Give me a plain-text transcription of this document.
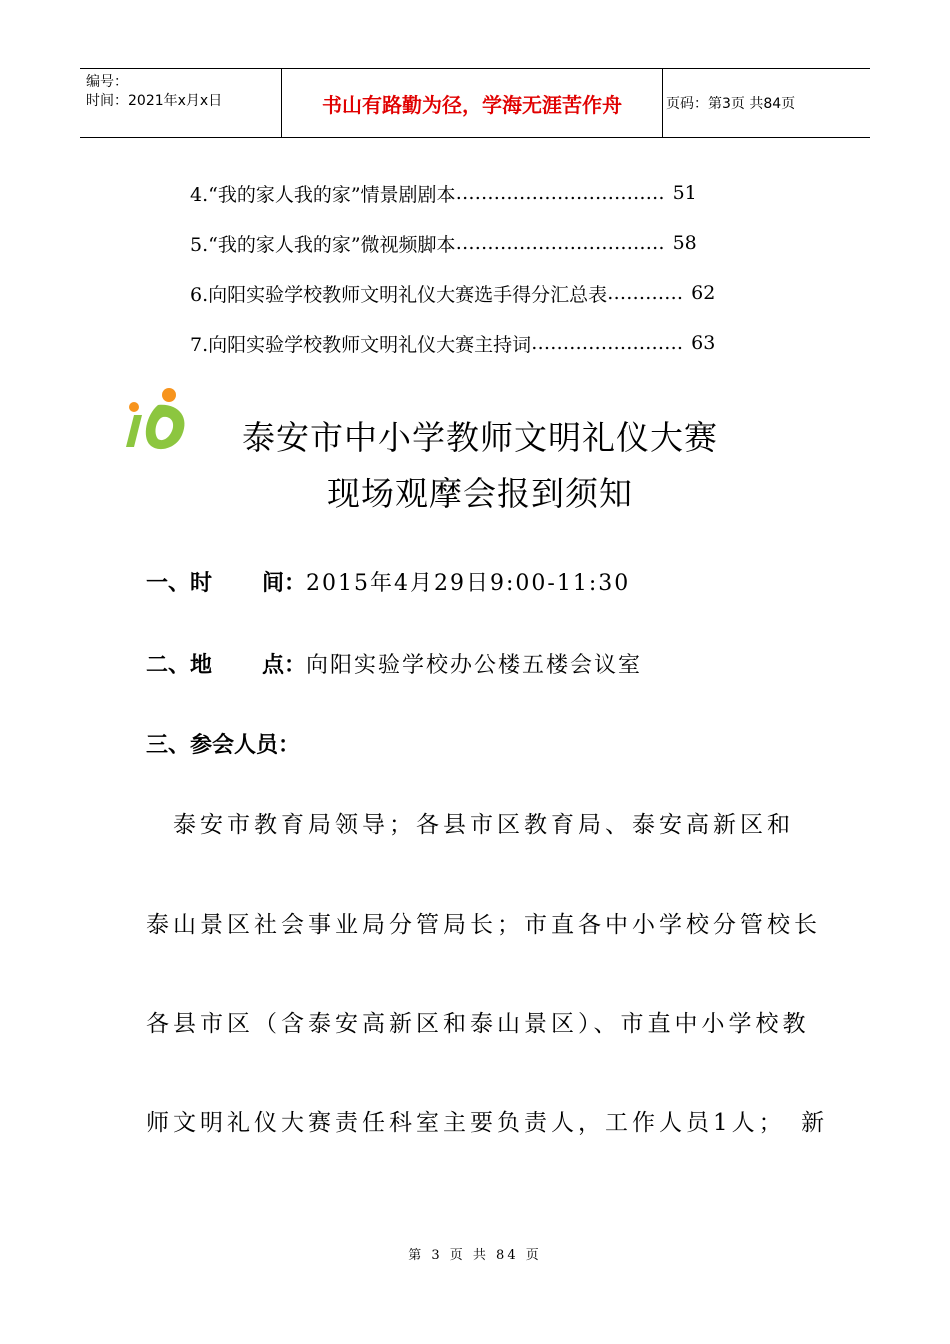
编号：
时间：2021年x月x日	书山有路勤为径，学海无涯苦作舟	页码：第3页 共84页
4.“我的家人我的家”情景剧剧本 …………………………… 51
5.“我的家人我的家”微视频脚本 …………………………… 58
6.向阳实验学校教师文明礼仪大赛选手得分汇总表 ………… 62
7.向阳实验学校教师文明礼仪大赛主持词 …………………… 63
泰安市中小学教师文明礼仪大赛
现场观摩会报到须知
一、时 间：2015年4月29日9:00-11:30
二、地 点：向阳实验学校办公楼五楼会议室
三、参会人员：
　泰安市教育局领导；各县市区教育局、泰安高新区和
泰山景区社会事业局分管局长；市直各中小学校分管校长
各县市区（含泰安高新区和泰山景区）、市直中小学校教
师文明礼仪大赛责任科室主要负责人，工作人员1人；　新
第 3 页 共 84 页
